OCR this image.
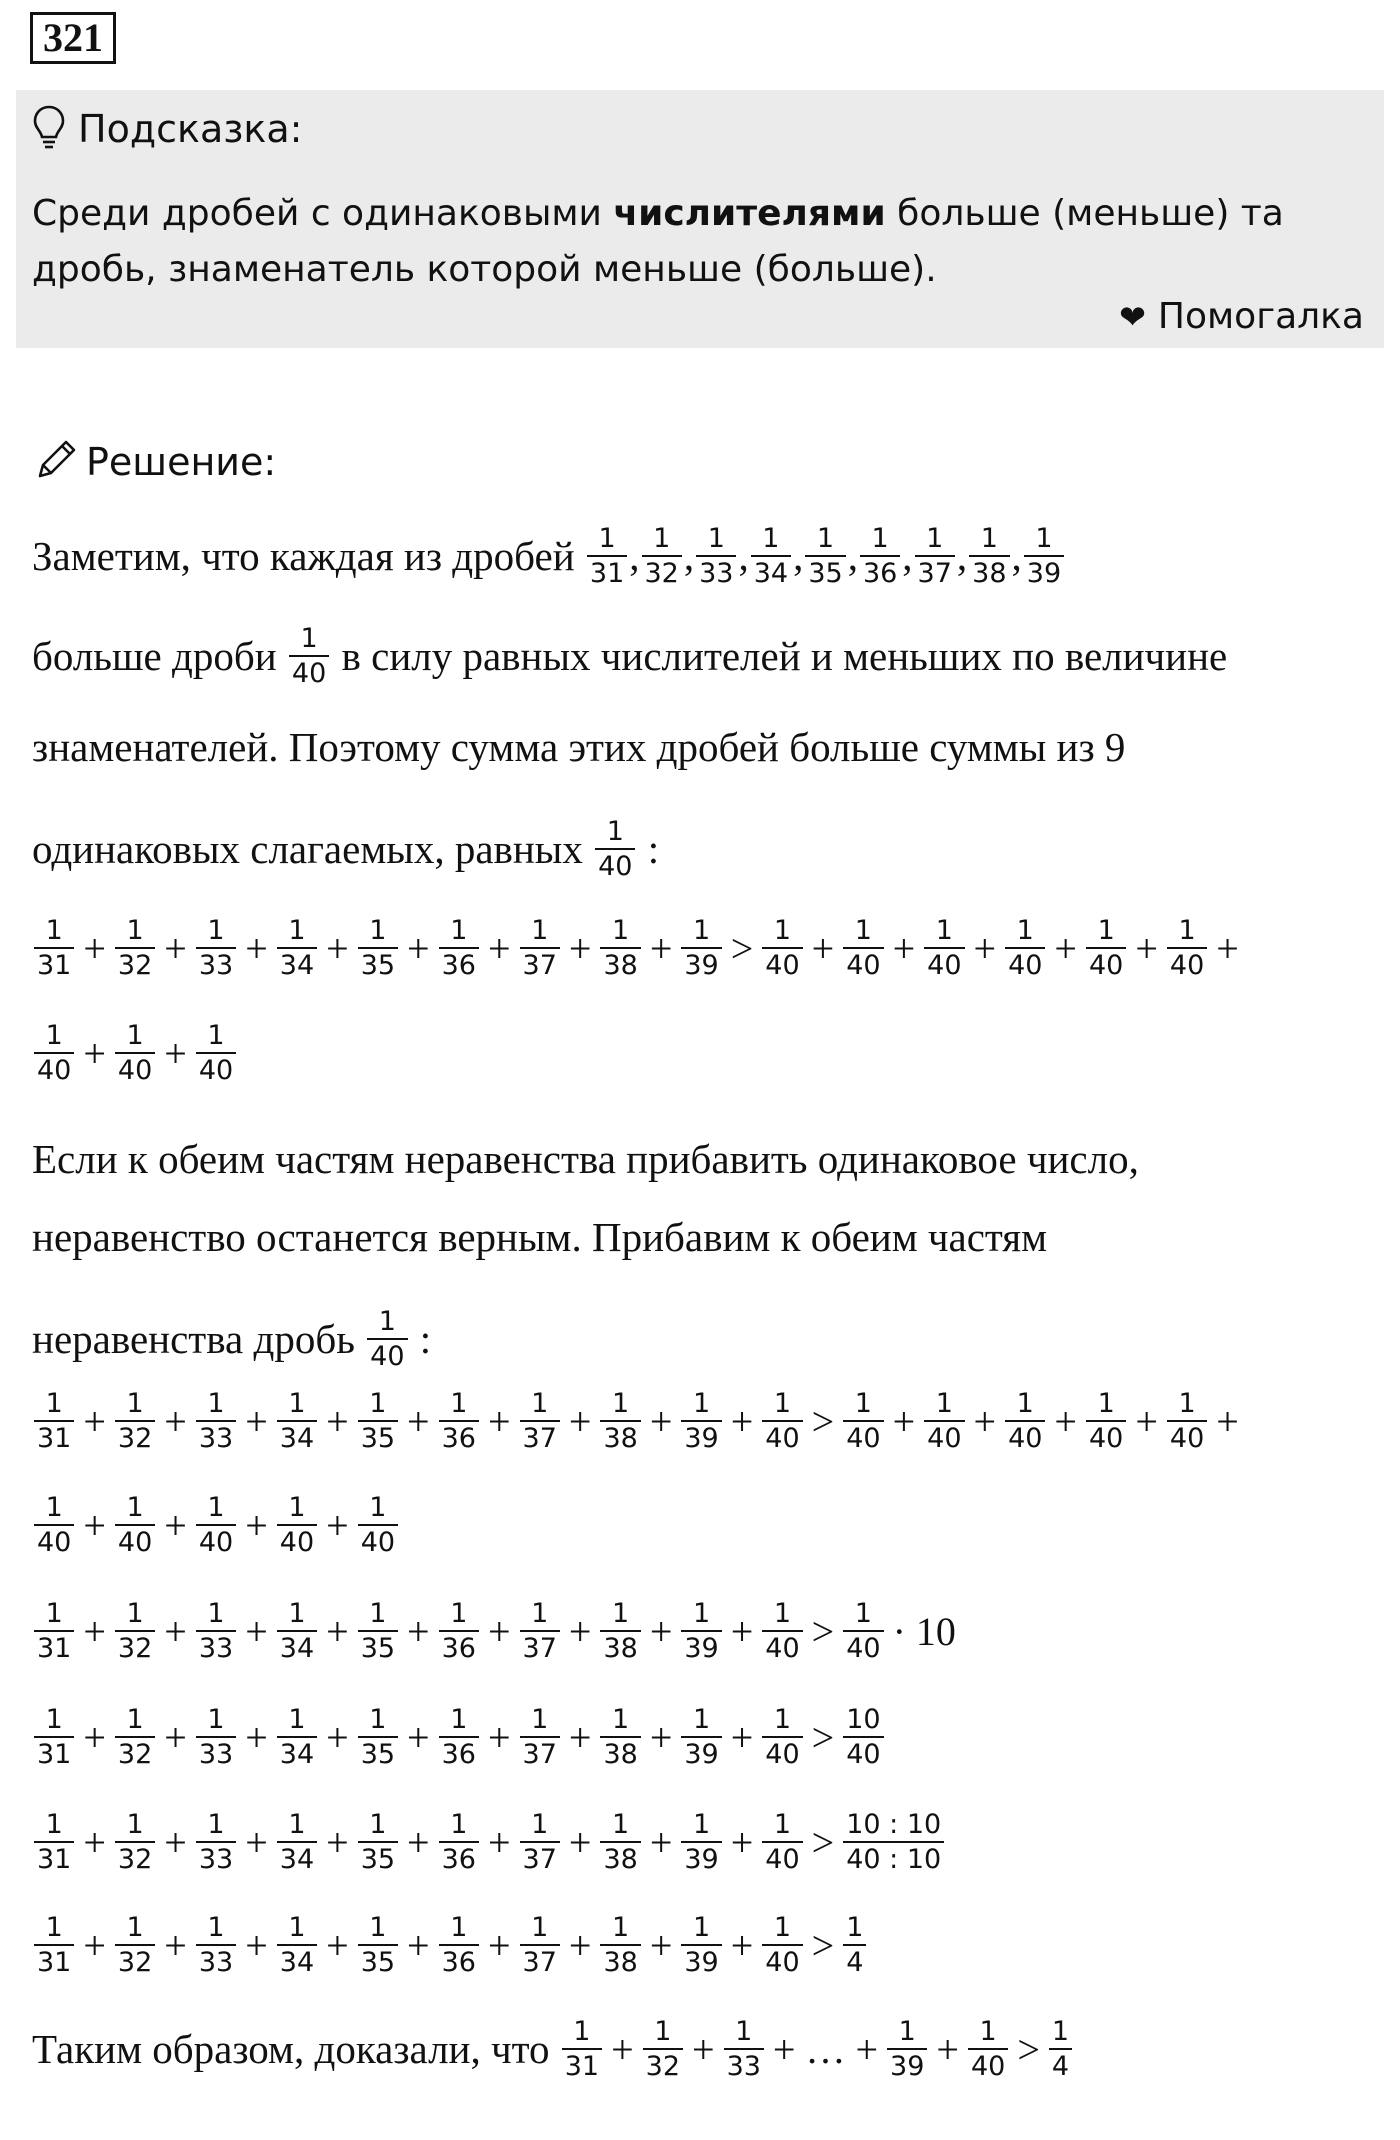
321
Подсказка:
Среди дробей с одинаковыми числителями больше (меньше) та дробь, знаменатель которой меньше (больше).
❤ Помогалка
Решение:
Заметим, что каждая из дробей $\frac{1}{31}$ , $\frac{1}{32}$ , $\frac{1}{33}$ , $\frac{1}{34}$ , $\frac{1}{35}$ , $\frac{1}{36}$ , $\frac{1}{37}$ , $\frac{1}{38}$ , $\frac{1}{39}$
больше дроби $\frac{1}{40}$ в силу равных числителей и меньших по величине
знаменателей. Поэтому сумма этих дробей больше суммы из 9
одинаковых слагаемых, равных $\frac{1}{40}$ :
$\frac{1}{31} + \frac{1}{32} + \frac{1}{33} + \frac{1}{34} + \frac{1}{35} + \frac{1}{36} + \frac{1}{37} + \frac{1}{38} + \frac{1}{39} > \frac{1}{40} + \frac{1}{40} + \frac{1}{40} + \frac{1}{40} + \frac{1}{40} + \frac{1}{40}$ +
$\frac{1}{40} + \frac{1}{40} + \frac{1}{40}$
Если к обеим частям неравенства прибавить одинаковое число,
неравенство останется верным. Прибавим к обеим частям
неравенства дробь $\frac{1}{40}$ :
$\frac{1}{31} + \frac{1}{32} + \frac{1}{33} + \frac{1}{34} + \frac{1}{35} + \frac{1}{36} + \frac{1}{37} + \frac{1}{38} + \frac{1}{39} + \frac{1}{40} > \frac{1}{40} + \frac{1}{40} + \frac{1}{40} + \frac{1}{40} + \frac{1}{40}$ +
$\frac{1}{40} + \frac{1}{40} + \frac{1}{40} + \frac{1}{40} + \frac{1}{40}$
$\frac{1}{31} + \frac{1}{32} + \frac{1}{33} + \frac{1}{34} + \frac{1}{35} + \frac{1}{36} + \frac{1}{37} + \frac{1}{38} + \frac{1}{39} + \frac{1}{40} > \frac{1}{40} \cdot 10$
$\frac{1}{31} + \frac{1}{32} + \frac{1}{33} + \frac{1}{34} + \frac{1}{35} + \frac{1}{36} + \frac{1}{37} + \frac{1}{38} + \frac{1}{39} + \frac{1}{40} > \frac{10}{40}$
$\frac{1}{31} + \frac{1}{32} + \frac{1}{33} + \frac{1}{34} + \frac{1}{35} + \frac{1}{36} + \frac{1}{37} + \frac{1}{38} + \frac{1}{39} + \frac{1}{40} > \frac{10 : 10}{40 : 10}$
$\frac{1}{31} + \frac{1}{32} + \frac{1}{33} + \frac{1}{34} + \frac{1}{35} + \frac{1}{36} + \frac{1}{37} + \frac{1}{38} + \frac{1}{39} + \frac{1}{40} > \frac{1}{4}$
Таким образом, доказали, что $\frac{1}{31} + \frac{1}{32} + \frac{1}{33}$ + … + $\frac{1}{39} + \frac{1}{40} > \frac{1}{4}$
